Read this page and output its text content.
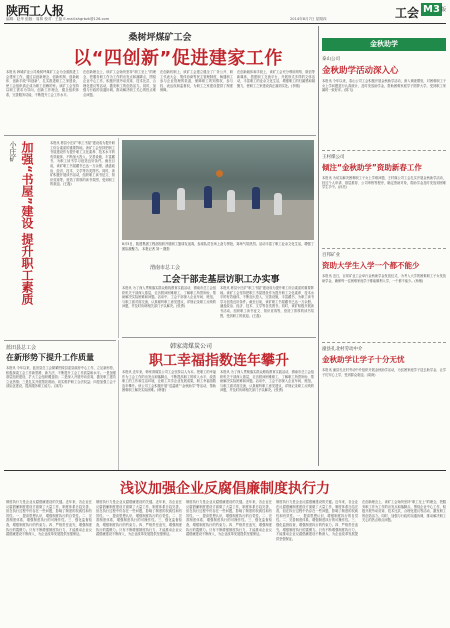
陕西工人报
编辑：赵华 组版：周林 校对：王磊 E-mail:shgrbzk@126.com	2014年8月7日 星期四	工会 M3 版
桑树坪煤矿工会
以“四创新”促进建家工作
本报讯 韩城矿业公司桑树坪煤矿工会为全面推进工会建家工作，通过以创新理念、创新机制、创新载体、创新手段“四创新”，扎实推进职工之家建设，使工会组织真正成为职工信赖的家。该矿工会坚持以职工需求为导向，创新工作理念，健全组织体系，完善服务功能，不断提升工会工作水平。
在创新理念上，该矿工会始终坚持“职工至上”的理念，把服务职工作为工作的出发点和落脚点，围绕企业中心工作，积极开展劳动竞赛、技术比武、合理化建议等活动，激发职工的创造活力。同时，加强与行政的沟通协调，推动解决职工关心的热点难点问题。
在创新机制上，该矿工会建立健全了厂务公开、职工代表大会、集体协商等民主管理制度，畅通职工参与企业管理的渠道，保障职工的知情权、参与权、表达权和监督权，为职工之家建设提供了制度保障。
在创新载体和手段上，该矿工会充分利用网络、微信等新媒体，搭建职工交流平台，开展形式多样的文体活动，丰富职工的业余文化生活，增强职工的归属感和凝聚力，使职工之家建设真正落到实处。(李刚)
小庄矿 加强“书屋”建设 提升职工素质	本报讯 彬县小庄矿“职工书屋”建设成为提升职工综合素质的重要阵地。该矿工会坚持把职工书屋建设作为提升职工文化素养、技术水平的有效载体，不断加大投入，完善设施，丰富藏书，为职工读书学习创造良好条件。截至目前，该矿职工书屋藏书已达一万余册，涵盖政治、经济、技术、文学等各类图书。同时，该矿积极开展读书活动，组织职工读书征文、知识竞赛等，营造了浓厚的读书氛围，受到职工的欢迎。(王磊)
8月5日，陕建集团工程部组织开展职工篮球友谊赛，参赛队员在场上奋力拼抢，赛场气氛热烈。活动丰富了职工业余文化生活，增强了团队凝聚力。 本报记者 刘一 摄影
渭南市总工会
工会干部走基层访职工办实事
本报讯 为了深入贯彻落实群众路线教育实践活动，渭南市总工会组织机关干部深入基层，走访慰问困难职工，了解职工所思所盼，帮助解决实际困难和问题。活动中，工会干部深入企业车间、班组，与职工面对面交流，认真倾听职工意见建议，详细记录职工反映的问题，并及时协调相关部门予以解决。(张勇)
本报讯 彬县小庄矿“职工书屋”建设成为提升职工综合素质的重要阵地。该矿工会坚持把职工书屋建设作为提升职工文化素养、技术水平的有效载体，不断加大投入，完善设施，丰富藏书，为职工读书学习创造良好条件。截至目前，该矿职工书屋藏书已达一万余册，涵盖政治、经济、技术、文学等各类图书。同时，该矿积极开展读书活动，组织职工读书征文、知识竞赛等，营造了浓厚的读书氛围，受到职工的欢迎。(王磊)
蓝田县总工会
在新形势下提升工作质量
本报讯 今年以来，蓝田县总工会紧紧围绕县委县政府中心工作，立足新形势，积极探索工会工作新思路、新方法，不断提升工会工作质量和水平。一是加强基层组织建设，扩大工会组织覆盖面；二是深入开展劳动竞赛，激发职工建功立业热情；三是扎实开展帮扶救助，切实维护职工合法权益；四是加强工会干部队伍建设，提高服务职工能力。(刘洋)
韩家湾煤炭公司
职工幸福指数连年攀升
本报讯 近年来，韩家湾煤炭公司工会坚持以人为本，把职工的幸福作为工会工作的出发点和落脚点，不断提高职工的收入水平，改善职工的工作和生活环境，让职工共享企业发展成果，职工幸福指数连年攀升。该公司工会积极开展“送温暖”“金秋助学”等活动，帮助困难职工解决实际困难。(韩蕾)
本报讯 为了深入贯彻落实群众路线教育实践活动，渭南市总工会组织机关干部深入基层，走访慰问困难职工，了解职工所思所盼，帮助解决实际困难和问题。活动中，工会干部深入企业车间、班组，与职工面对面交流，认真倾听职工意见建议，详细记录职工反映的问题，并及时协调相关部门予以解决。(张勇)
金秋助学
泰山公司
金秋助学活动深入心
本报讯 今年以来，泰山公司工会积极开展金秋助学活动，深入调查摸底，对困难职工子女上学问题进行认真统计，及时发放助学金，帮助困难家庭学子圆梦大学，受到职工家属的一致好评。(陈飞)
王村煤公司
倾注“金秋助学”资助新春工作
本报讯 为切实解决困难职工子女上学难问题，王村煤公司工会扎实开展金秋助学活动，经过个人申请、基层推荐、公司审核等程序，确定资助对象，将助学金及时发放到困难学生手中。(孙亮)
百邦矿业
资助大学生入学一个都不能少
本报讯 近日，百邦矿业工会举行金秋助学金发放仪式，为考入大学的困难职工子女发放助学金，确保每一位困难家庭学子都能顺利入学，一个都不能少。(杨敏)
潼县孔北村劳动中介
金秋助学让学子十分无忧
本报讯 潼县孔北村劳动中介组织开展金秋助学活动，为贫困家庭学子送去助学金，让学子们安心上学，受到群众欢迎。(周涛)
浅议加强企业反腐倡廉制度执行力
制度执行力是企业反腐倡廉建设的关键。近年来，各企业在反腐倡廉制度建设方面做了大量工作，制度体系日趋完善，但在执行过程中仍存在一些问题，影响了制度的权威性和有效性。一、提高思想认识，增强制度执行的自觉性。二、完善制度体系，增强制度执行的可操作性。三、强化监督检查，增强制度执行的约束力。四、严格责任追究，增强制度执行的震慑力。只有不断增强制度执行力，才能推动企业反腐倡廉建设不断深入，为企业改革发展提供坚强保证。
制度执行力是企业反腐倡廉建设的关键。近年来，各企业在反腐倡廉制度建设方面做了大量工作，制度体系日趋完善，但在执行过程中仍存在一些问题，影响了制度的权威性和有效性。一、提高思想认识，增强制度执行的自觉性。二、完善制度体系，增强制度执行的可操作性。三、强化监督检查，增强制度执行的约束力。四、严格责任追究，增强制度执行的震慑力。只有不断增强制度执行力，才能推动企业反腐倡廉建设不断深入，为企业改革发展提供坚强保证。
制度执行力是企业反腐倡廉建设的关键。近年来，各企业在反腐倡廉制度建设方面做了大量工作，制度体系日趋完善，但在执行过程中仍存在一些问题，影响了制度的权威性和有效性。一、提高思想认识，增强制度执行的自觉性。二、完善制度体系，增强制度执行的可操作性。三、强化监督检查，增强制度执行的约束力。四、严格责任追究，增强制度执行的震慑力。只有不断增强制度执行力，才能推动企业反腐倡廉建设不断深入，为企业改革发展提供坚强保证。
制度执行力是企业反腐倡廉建设的关键。近年来，各企业在反腐倡廉制度建设方面做了大量工作，制度体系日趋完善，但在执行过程中仍存在一些问题，影响了制度的权威性和有效性。一、提高思想认识，增强制度执行的自觉性。二、完善制度体系，增强制度执行的可操作性。三、强化监督检查，增强制度执行的约束力。四、严格责任追究，增强制度执行的震慑力。只有不断增强制度执行力，才能推动企业反腐倡廉建设不断深入，为企业改革发展提供坚强保证。
在创新理念上，该矿工会始终坚持“职工至上”的理念，把服务职工作为工作的出发点和落脚点，围绕企业中心工作，积极开展劳动竞赛、技术比武、合理化建议等活动，激发职工的创造活力。同时，加强与行政的沟通协调，推动解决职工关心的热点难点问题。
